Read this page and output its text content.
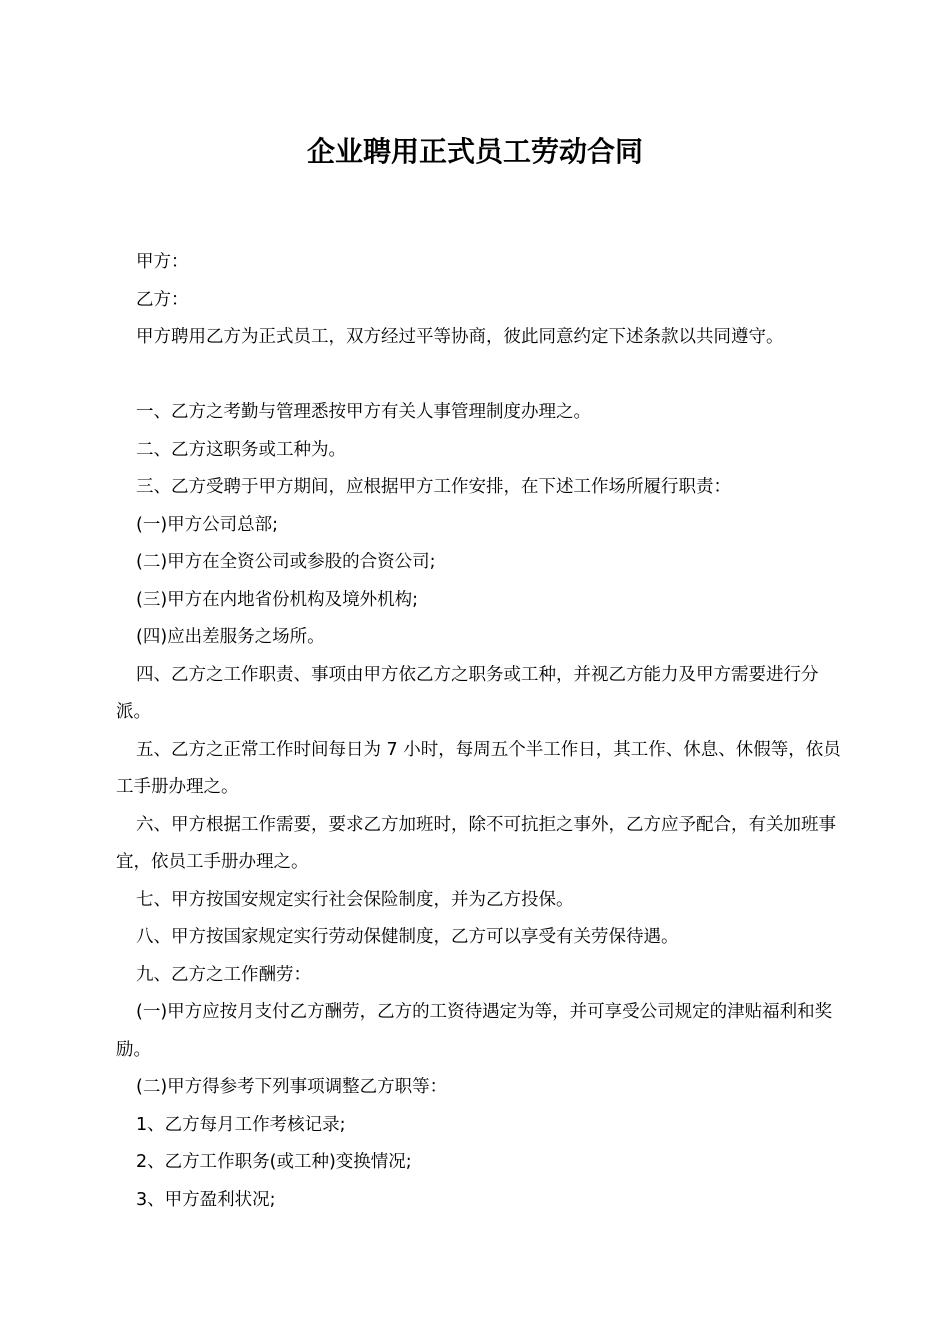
企业聘用正式员工劳动合同

甲方：

乙方：

甲方聘用乙方为正式员工，双方经过平等协商，彼此同意约定下述条款以共同遵守。

一、乙方之考勤与管理悉按甲方有关人事管理制度办理之。

二、乙方这职务或工种为。

三、乙方受聘于甲方期间，应根据甲方工作安排，在下述工作场所履行职责：

(一)甲方公司总部;

(二)甲方在全资公司或参股的合资公司;

(三)甲方在内地省份机构及境外机构;

(四)应出差服务之场所。

四、乙方之工作职责、事项由甲方依乙方之职务或工种，并视乙方能力及甲方需要进行分派。

五、乙方之正常工作时间每日为 7 小时，每周五个半工作日，其工作、休息、休假等，依员工手册办理之。

六、甲方根据工作需要，要求乙方加班时，除不可抗拒之事外，乙方应予配合，有关加班事宜，依员工手册办理之。

七、甲方按国安规定实行社会保险制度，并为乙方投保。

八、甲方按国家规定实行劳动保健制度，乙方可以享受有关劳保待遇。

九、乙方之工作酬劳：

(一)甲方应按月支付乙方酬劳，乙方的工资待遇定为等，并可享受公司规定的津贴福利和奖励。

(二)甲方得参考下列事项调整乙方职等：

1、乙方每月工作考核记录;

2、乙方工作职务(或工种)变换情况;

3、甲方盈利状况;
